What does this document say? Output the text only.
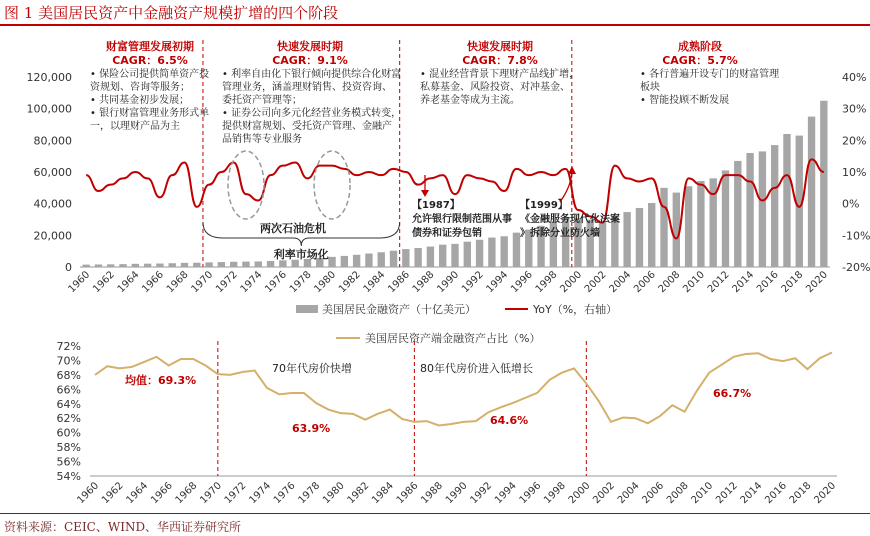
图 1 美国居民资产中金融资产规模扩增的四个阶段
0
20,000
40,000
60,000
80,000
100,000
120,000
-20%
-10%
0%
10%
20%
30%
40%
1960
1962
1964
1966
1968
1970
1972
1974
1976
1978
1980
1982
1984
1986
1988
1990
1992
1994
1996
1998
2000
2002
2004
2006
2008
2010
2012
2014
2016
2018
2020
财富管理发展初期
CAGR：6.5%
• 保险公司提供简单资产投
资规划、咨询等服务；
• 共同基金初步发展；
• 银行财富管理业务形式单
一，以理财产品为主
快速发展时期
CAGR：9.1%
• 利率自由化下银行倾向提供综合化财富
管理业务，涵盖理财销售、投资咨询、
委托资产管理等；
• 证券公司向多元化经营业务模式转变，
提供财富规划、受托资产管理、金融产
品销售等专业服务
快速发展时期
CAGR：7.8%
• 混业经营背景下理财产品线扩增，
私募基金、风险投资、对冲基金、
养老基金等成为主流。
成熟阶段
CAGR：5.7%
• 各行普遍开设专门的财富管理
板块
• 智能投顾不断发展
两次石油危机
利率市场化
【1987】
允许银行限制范围从事
债券和证券包销
【1999】
《金融服务现代化法案
》拆除分业防火墙
美国居民金融资产（十亿美元）	YoY（%，右轴）
54%
56%
58%
60%
62%
64%
66%
68%
70%
72%
1960
1962
1964
1966
1968
1970
1972
1974
1976
1978
1980
1982
1984
1986
1988
1990
1992
1994
1996
1998
2000
2002
2004
2006
2008
2010
2012
2014
2016
2018
2020
均值：69.3%
63.9%
64.6%
66.7%
70年代房价快增	80年代房价进入低增长
美国居民资产端金融资产占比（%）
资料来源：CEIC、WIND、华西证券研究所
